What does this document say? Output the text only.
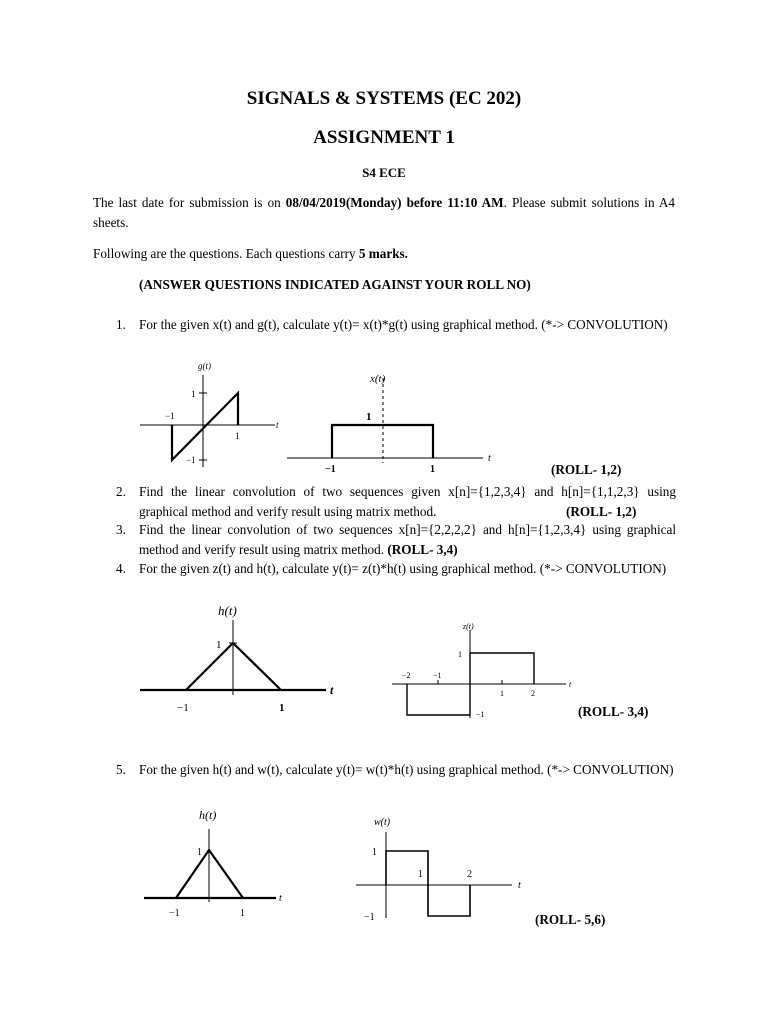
SIGNALS & SYSTEMS (EC 202)
ASSIGNMENT 1
S4 ECE
The last date for submission is on 08/04/2019(Monday) before 11:10 AM. Please submit solutions in A4 sheets.
Following are the questions. Each questions carry 5 marks.
(ANSWER QUESTIONS INDICATED AGAINST YOUR ROLL NO)
1. For the given x(t) and g(t), calculate y(t)= x(t)*g(t) using graphical method. (*-> CONVOLUTION)
g(t)
1
−1
−1
1
t
x(t)
1
−1	1
t
(ROLL- 1,2)
2. Find the linear convolution of two sequences given x[n]={1,2,3,4} and h[n]={1,1,2,3} using graphical method and verify result using matrix method.	(ROLL- 1,2)
3. Find the linear convolution of two sequences x[n]={2,2,2,2} and h[n]={1,2,3,4} using graphical method and verify result using matrix method. (ROLL- 3,4)
4. For the given z(t) and h(t), calculate y(t)= z(t)*h(t) using graphical method. (*-> CONVOLUTION)
h(t)
1
−1	1
t
z(t)
1
−1
−2	−1
1	2
t
(ROLL- 3,4)
5. For the given h(t) and w(t), calculate y(t)= w(t)*h(t) using graphical method. (*-> CONVOLUTION)
h(t)
1
−1	1
t
w(t)
1
−1
1	2
t
(ROLL- 5,6)
